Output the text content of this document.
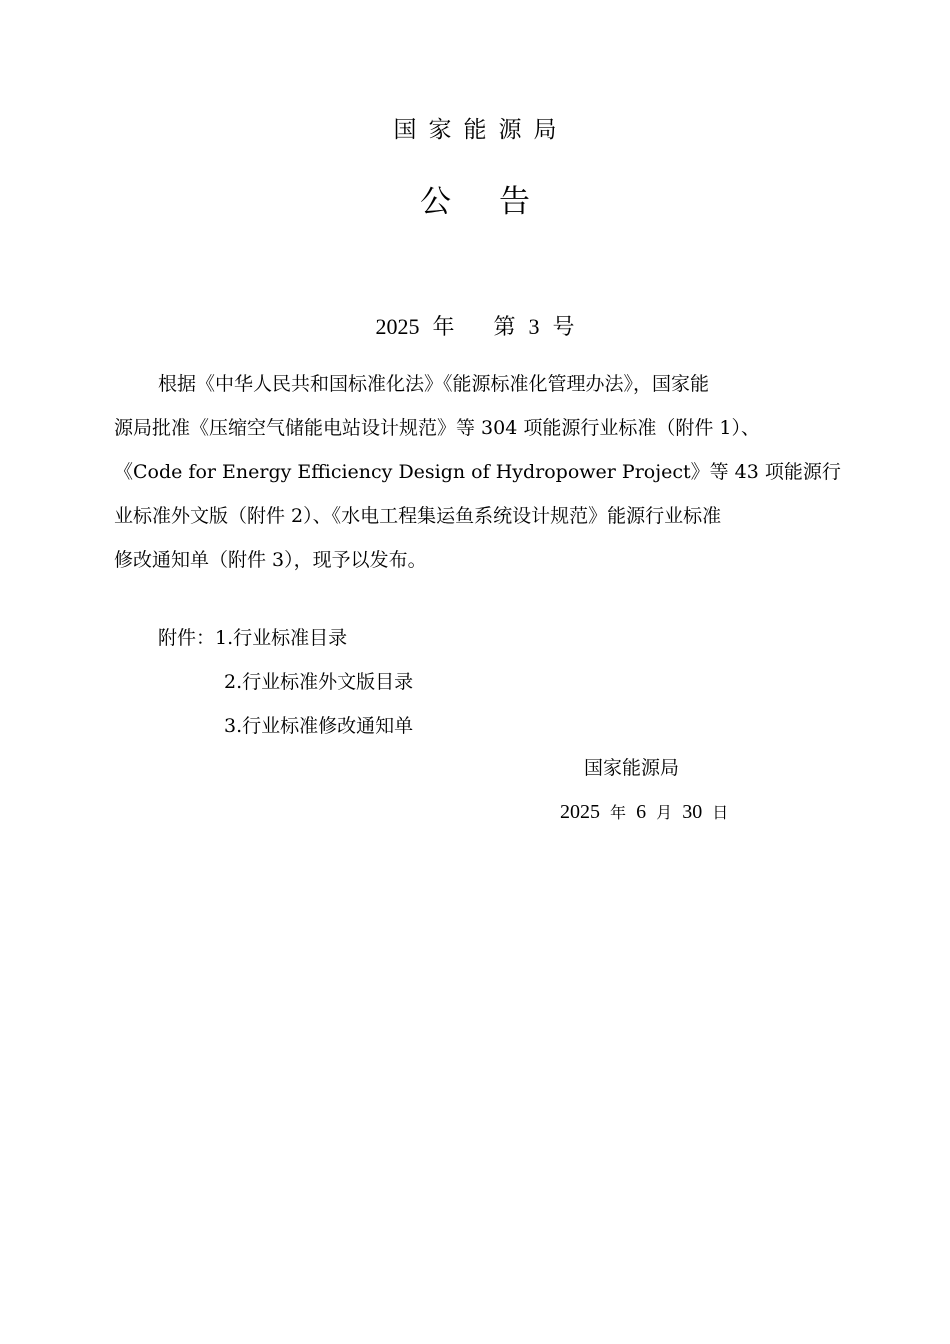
国家能源局
公告
2025 年 第 3 号
根据《中华人民共和国标准化法》《能源标准化管理办法》，国家能
源局批准《压缩空气储能电站设计规范》等 304 项能源行业标准（附件 1）、
《Code for Energy Efficiency Design of Hydropower Project》等 43 项能源行
业标准外文版（附件 2）、《水电工程集运鱼系统设计规范》能源行业标准
修改通知单（附件 3），现予以发布。
附件：1.行业标准目录
2.行业标准外文版目录
3.行业标准修改通知单
国家能源局
2025 年 6 月 30 日
